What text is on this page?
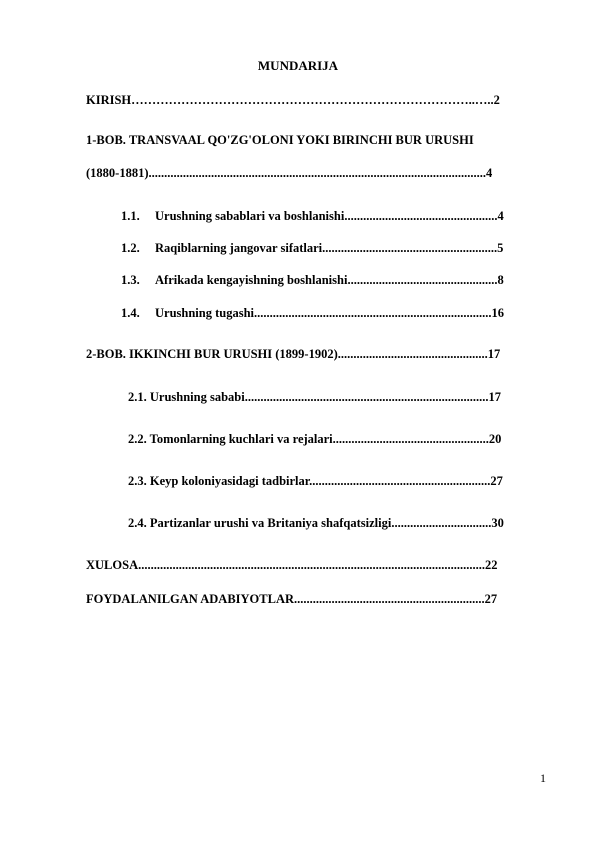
MUNDARIJA
KIRISH………………………………………………………………………..…..2
1-BOB. TRANSVAAL QO'ZG'OLONI YOKI BIRINCHI BUR URUSHI
(1880-1881)............................................................................................................4
1.1. Urushning sabablari va boshlanishi.................................................4
1.2. Raqiblarning jangovar sifatlari........................................................5
1.3. Afrikada kengayishning boshlanishi................................................8
1.4. Urushning tugashi............................................................................16
2-BOB. IKKINCHI BUR URUSHI (1899-1902)................................................17
2.1. Urushning sababi..............................................................................17
2.2. Tomonlarning kuchlari va rejalari..................................................20
2.3. Keyp koloniyasidagi tadbirlar..........................................................27
2.4. Partizanlar urushi va Britaniya shafqatsizligi................................30
XULOSA...............................................................................................................22
FOYDALANILGAN ADABIYOTLAR.............................................................27
1
